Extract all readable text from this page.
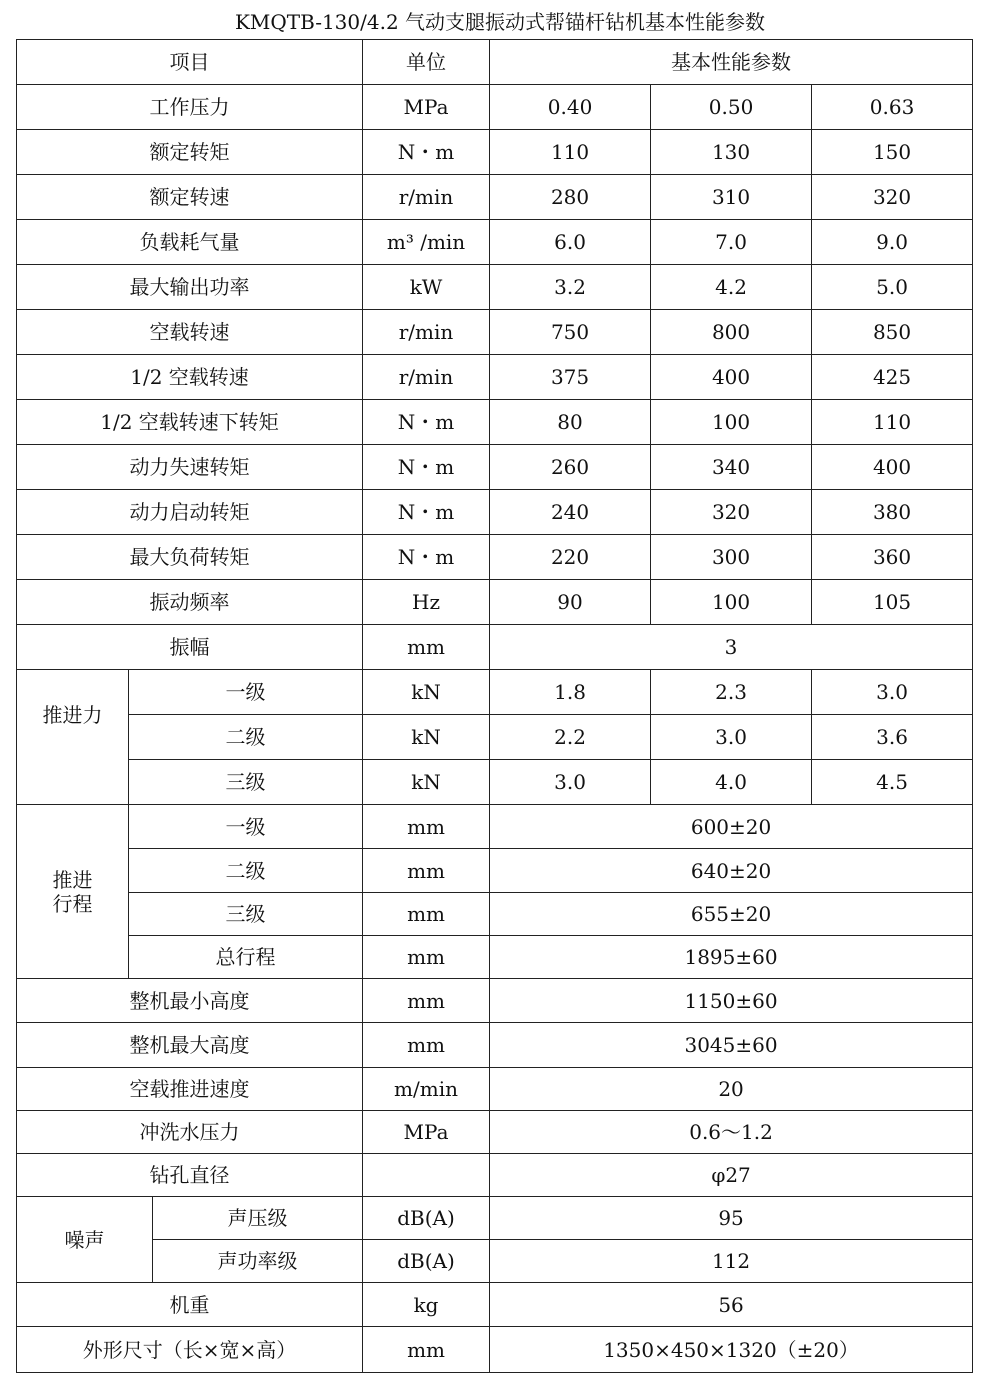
KMQTB-130/4.2 气动支腿振动式帮锚杆钻机基本性能参数
项目			单位	基本性能参数		
工作压力			MPa	0.40	0.50	0.63
额定转矩			N・m	110	130	150
额定转速			r/min	280	310	320
负载耗气量			m³ /min	6.0	7.0	9.0
最大输出功率			kW	3.2	4.2	5.0
空载转速			r/min	750	800	850
1/2 空载转速			r/min	375	400	425
1/2 空载转速下转矩			N・m	80	100	110
动力失速转矩			N・m	260	340	400
动力启动转矩			N・m	240	320	380
最大负荷转矩			N・m	220	300	360
振动频率			Hz	90	100	105
振幅			mm	3		
推进力	一级		kN	1.8	2.3	3.0
	二级		kN	2.2	3.0	3.6
	三级		kN	3.0	4.0	4.5
推进
行程	一级		mm	600±20		
	二级		mm	640±20		
	三级		mm	655±20		
	总行程		mm	1895±60		
整机最小高度			mm	1150±60		
整机最大高度			mm	3045±60		
空载推进速度			m/min	20		
冲洗水压力			MPa	0.6～1.2		
钻孔直径				φ27		
噪声		声压级	dB(A)	95		
		声功率级	dB(A)	112		
机重			kg	56		
外形尺寸（长×宽×高）			mm	1350×450×1320（±20）		
